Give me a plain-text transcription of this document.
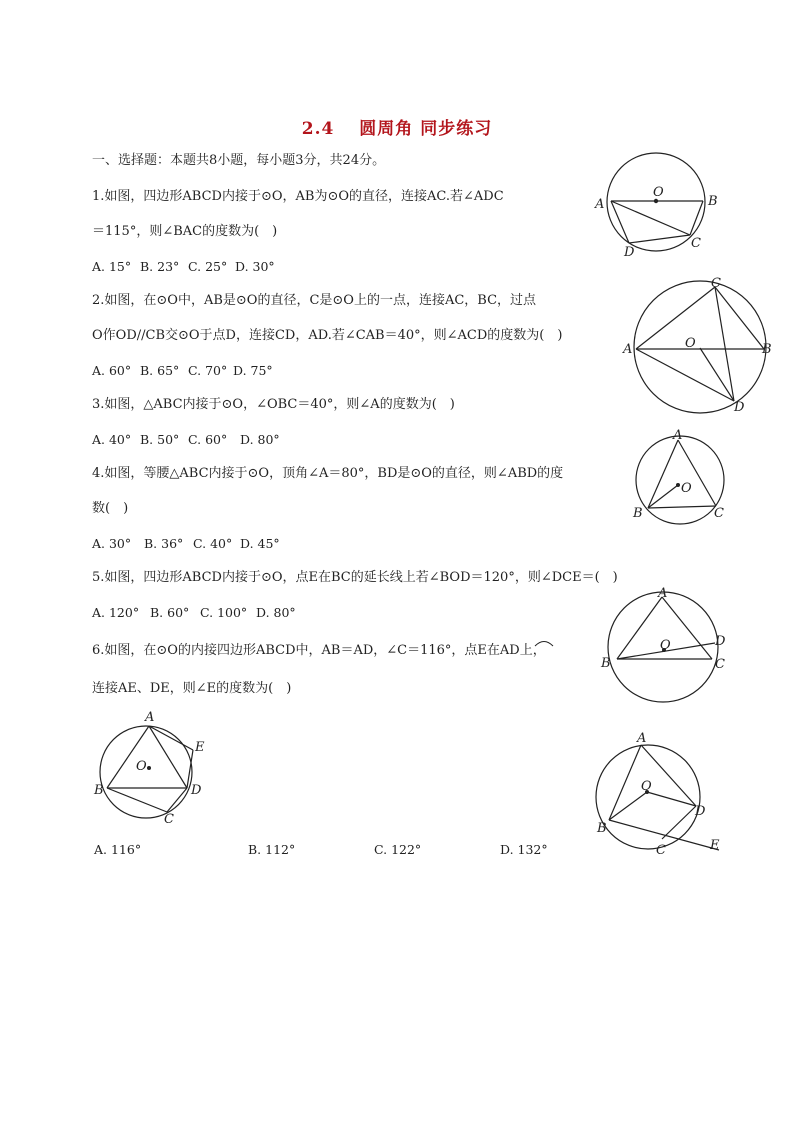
2.4　 圆周角 同步练习
一、选择题：本题共8小题，每小题3分，共24分。
1.如图，四边形ABCD内接于⊙O，AB为⊙O的直径，连接AC.若∠ADC
＝115°，则∠BAC的度数为(　)
A. 15° B. 23° C. 25° D. 30°
2.如图，在⊙O中，AB是⊙O的直径，C是⊙O上的一点，连接AC，BC，过点
O作OD//CB交⊙O于点D，连接CD，AD.若∠CAB＝40°，则∠ACD的度数为(　)
A. 60° B. 65° C. 70° D. 75°
3.如图，△ABC内接于⊙O，∠OBC＝40°，则∠A的度数为(　)
A. 40° B. 50° C. 60° D. 80°
4.如图，等腰△ABC内接于⊙O，顶角∠A＝80°，BD是⊙O的直径，则∠ABD的度
数(　)
A. 30° B. 36° C. 40° D. 45°
5.如图，四边形ABCD内接于⊙O，点E在BC的延长线上若∠BOD＝120°，则∠DCE＝(　)
A. 120° B. 60° C. 100° D. 80°
6.如图，在⊙O的内接四边形ABCD中，AB＝AD，∠C＝116°，点E在AD上，
连接AE、DE，则∠E的度数为(　)
A. 116°	B. 112°	C. 122°	D. 132°
A	B
C
D
O
A	B
C
D
O
A
B	C
O
A
B	C
D
O
A
B
C
D
E
O
A
B
C
D
E
O
